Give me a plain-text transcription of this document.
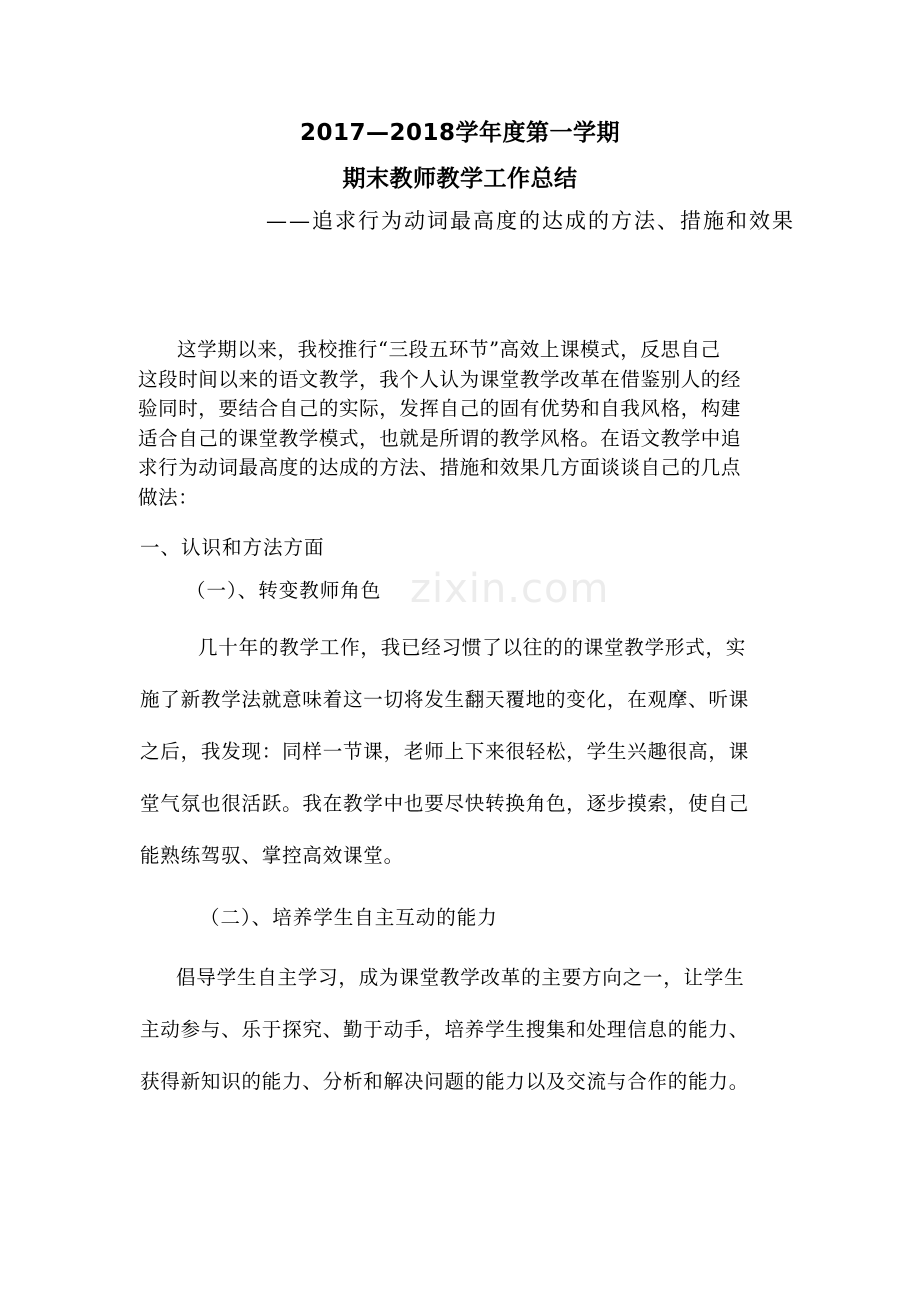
zixin.com
2017—2018学年度第一学期
期末教师教学工作总结
——追求行为动词最高度的达成的方法、措施和效果

这学期以来，我校推行“三段五环节”高效上课模式，反思自己
这段时间以来的语文教学，我个人认为课堂教学改革在借鉴别人的经
验同时，要结合自己的实际，发挥自己的固有优势和自我风格，构建
适合自己的课堂教学模式，也就是所谓的教学风格。在语文教学中追
求行为动词最高度的达成的方法、措施和效果几方面谈谈自己的几点
做法：

一、认识和方法方面
（一）、转变教师角色
几十年的教学工作，我已经习惯了以往的的课堂教学形式，实
施了新教学法就意味着这一切将发生翻天覆地的变化，在观摩、听课
之后，我发现：同样一节课，老师上下来很轻松，学生兴趣很高，课
堂气氛也很活跃。我在教学中也要尽快转换角色，逐步摸索，使自己
能熟练驾驭、掌控高效课堂。
（二）、培养学生自主互动的能力
倡导学生自主学习，成为课堂教学改革的主要方向之一，让学生
主动参与、乐于探究、勤于动手，培养学生搜集和处理信息的能力、
获得新知识的能力、分析和解决问题的能力以及交流与合作的能力。
